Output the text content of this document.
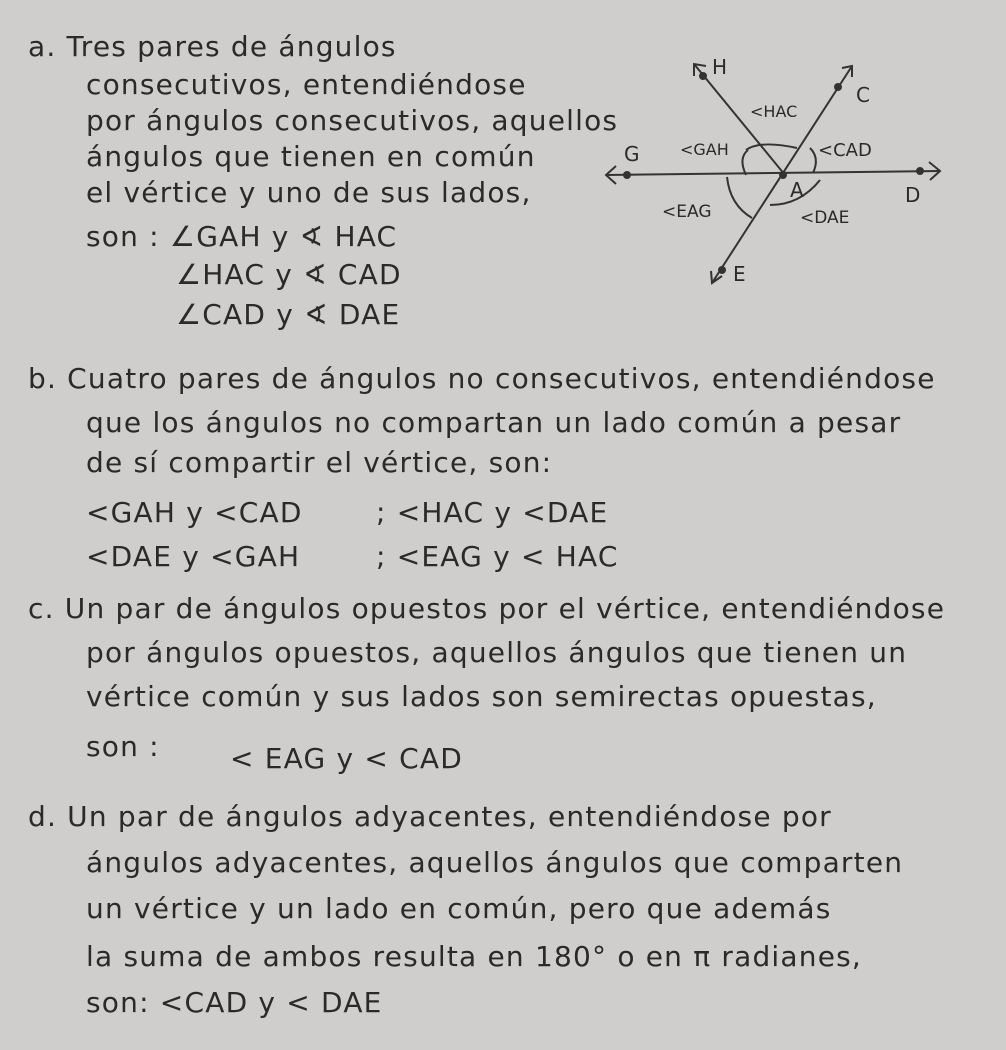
a. Tres pares de ángulos
consecutivos, entendiéndose
por ángulos consecutivos, aquellos
ángulos que tienen en común
el vértice y uno de sus lados,
son : ∠GAH y ∢ HAC
∠HAC y ∢ CAD
∠CAD y ∢ DAE
H
C
G
A	D
E
<HAC
<GAH	<CAD
<EAG	<DAE
b. Cuatro pares de ángulos no consecutivos, entendiéndose
que los ángulos no compartan un lado común a pesar
de sí compartir el vértice, son:
<GAH y <CAD	; <HAC y <DAE
<DAE y <GAH	; <EAG y < HAC
c. Un par de ángulos opuestos por el vértice, entendiéndose
por ángulos opuestos, aquellos ángulos que tienen un
vértice común y sus lados son semirectas opuestas,
son :	< EAG y < CAD
d. Un par de ángulos adyacentes, entendiéndose por
ángulos adyacentes, aquellos ángulos que comparten
un vértice y un lado en común, pero que además
la suma de ambos resulta en 180° o en π radianes,
son: <CAD y < DAE
